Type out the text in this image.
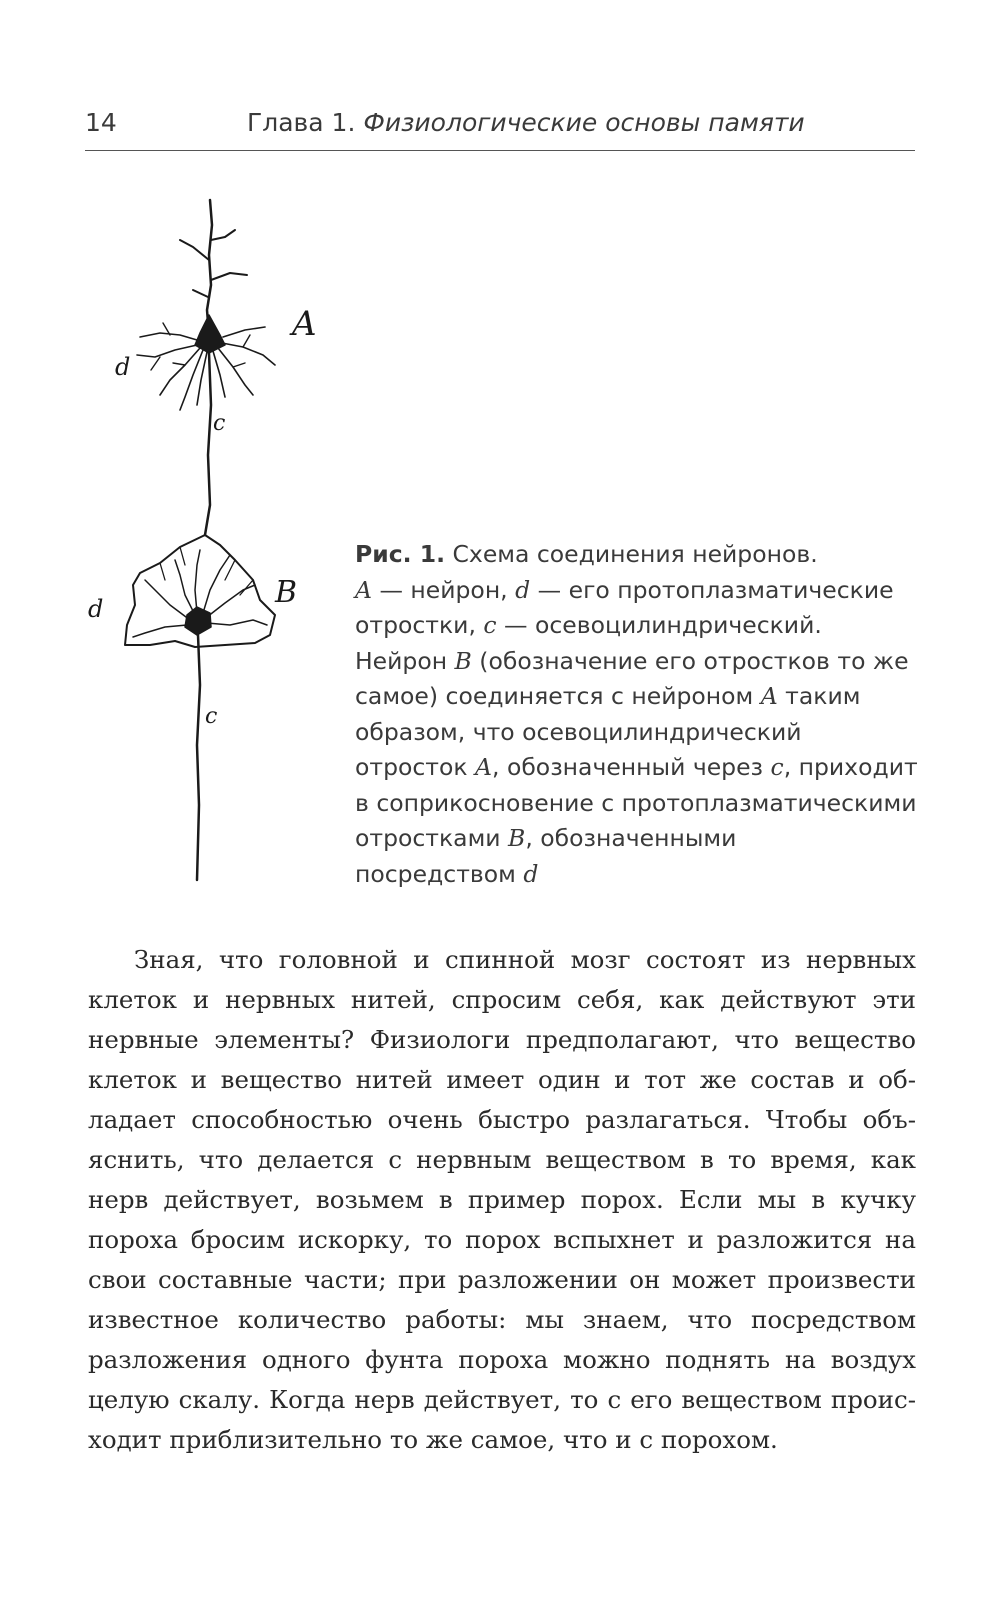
14	Глава 1. Физиологические основы памяти
A
d
c
B
d
c

Рис. 1. Схема соединения нейронов.

A — нейрон, d — его протоплазматические

отростки, c — осевоцилиндрический.

Нейрон B (обозначение его отростков то же

самое) соединяется с нейроном A таким

образом, что осевоцилиндрический

отросток A, обозначенный через c, приходит

в соприкосновение с протоплазматическими

отростками B, обозначенными

посредством d

Зная, что головной и спинной мозг состоят из нервных
клеток и нервных нитей, спросим себя, как действуют эти
нервные элементы? Физиологи предполагают, что вещество
клеток и вещество нитей имеет один и тот же состав и об-
ладает способностью очень быстро разлагаться. Чтобы объ-
яснить, что делается с нервным веществом в то время, как
нерв действует, возьмем в пример порох. Если мы в кучку
пороха бросим искорку, то порох вспыхнет и разложится на
свои составные части; при разложении он может произвести
известное количество работы: мы знаем, что посредством
разложения одного фунта пороха можно поднять на воздух
целую скалу. Когда нерв действует, то с его веществом проис-
ходит приблизительно то же самое, что и с порохом.
